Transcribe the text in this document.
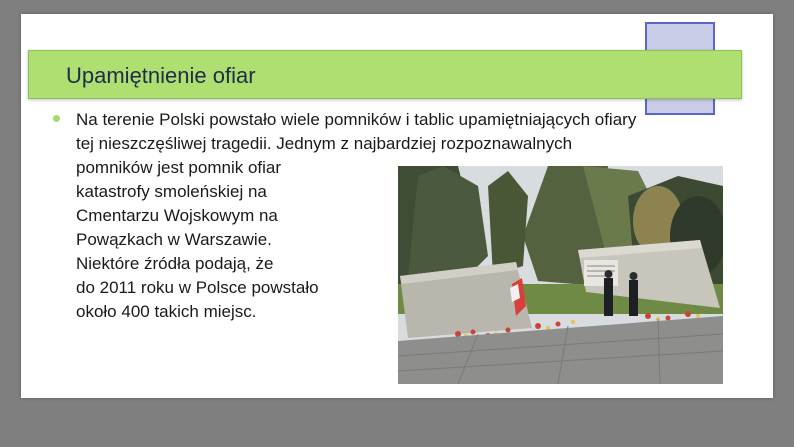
Upamiętnienie ofiar
Na terenie Polski powstało wiele pomników i tablic upamiętniających ofiary
tej nieszczęśliwej tragedii. Jednym z najbardziej rozpoznawalnych
pomników jest pomnik ofiar
katastrofy smoleńskiej na
Cmentarzu Wojskowym na
Powązkach w Warszawie.
Niektóre źródła podają, że
do 2011 roku w Polsce powstało
około 400 takich miejsc.
